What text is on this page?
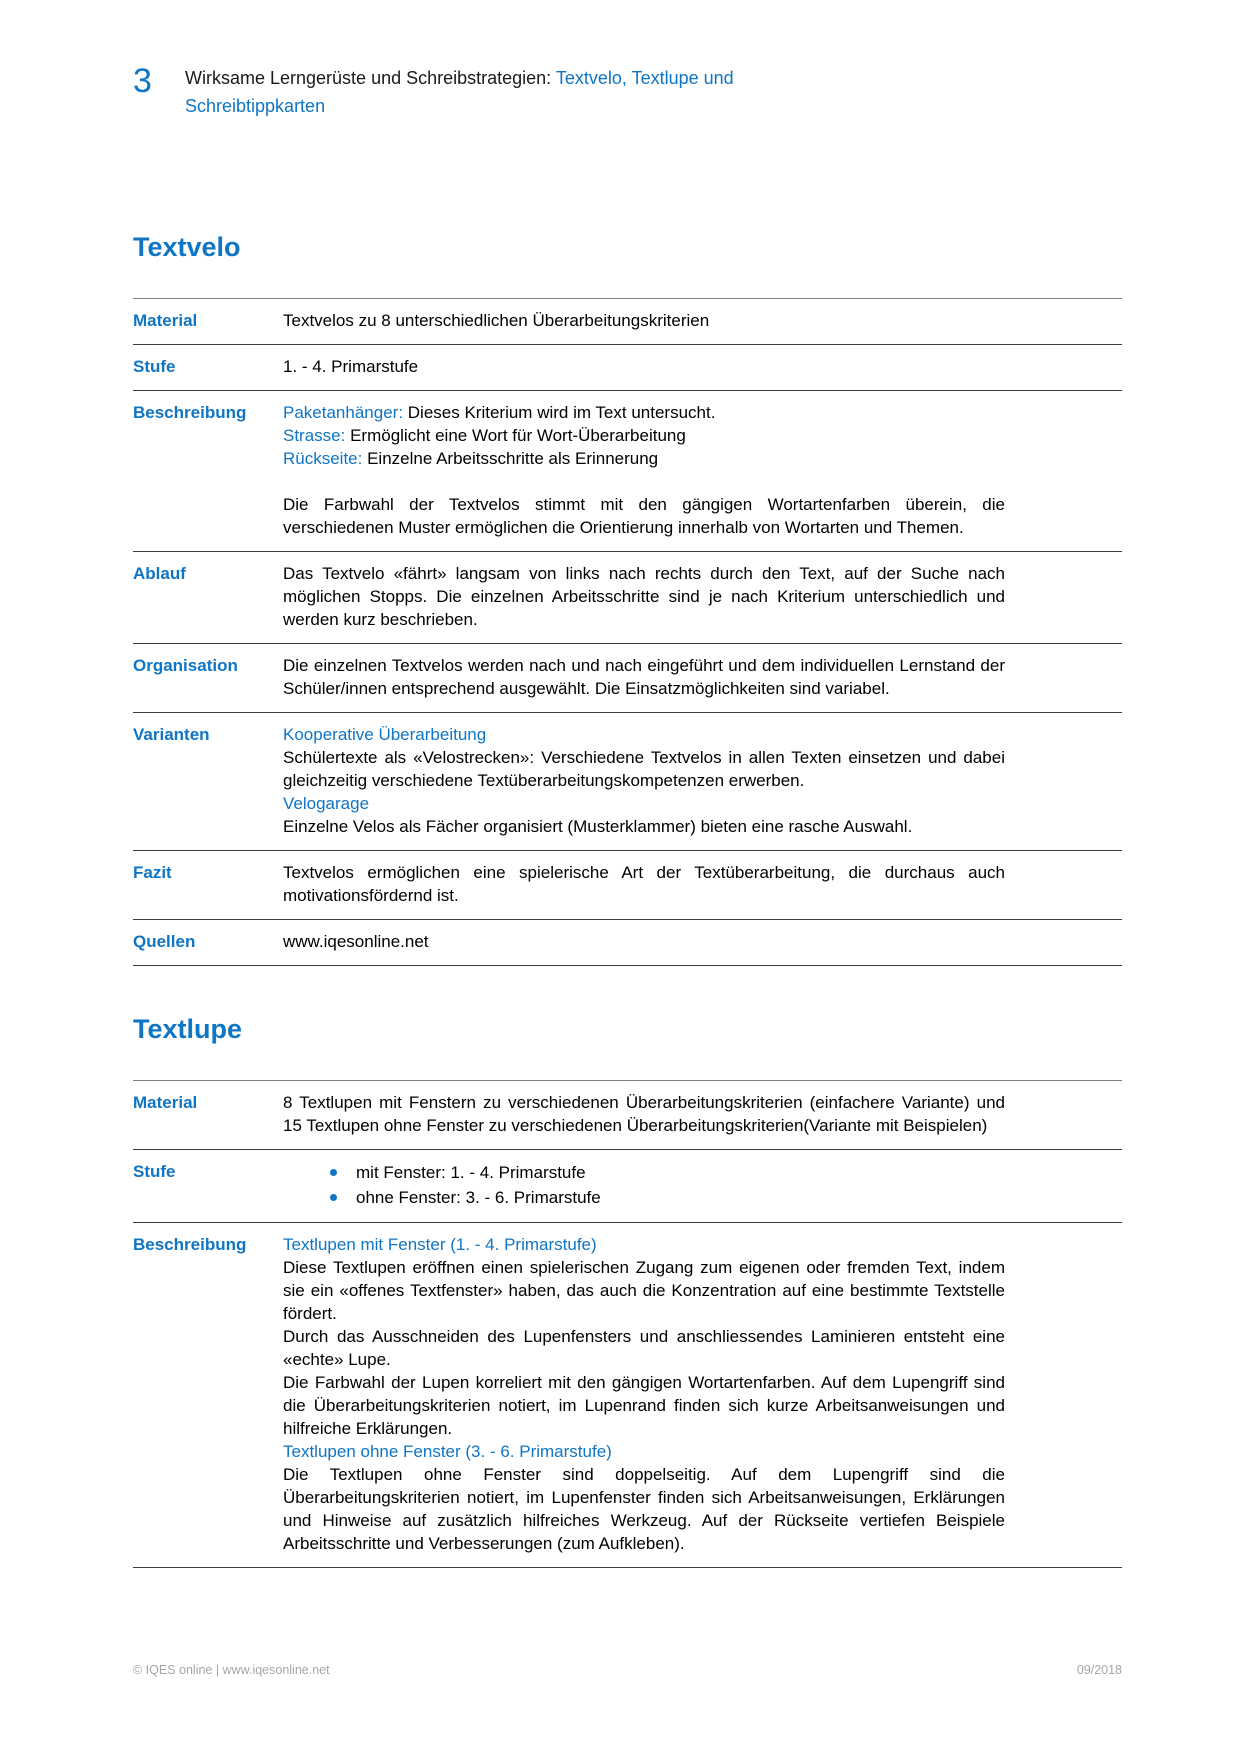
3	Wirksame Lerngerüste und Schreibstrategien: Textvelo, Textlupe und Schreibtippkarten
Textvelo
Material	Textvelos zu 8 unterschiedlichen Überarbeitungskriterien

Stufe	1. - 4. Primarstufe

Beschreibung	Paketanhänger: Dieses Kriterium wird im Text untersucht.

Strasse: Ermöglicht eine Wort für Wort-Überarbeitung

Rückseite: Einzelne Arbeitsschritte als Erinnerung

Die Farbwahl der Textvelos stimmt mit den gängigen Wortartenfarben überein, die verschiedenen Muster ermöglichen die Orientierung innerhalb von Wortarten und Themen.

Ablauf	Das Textvelo «fährt» langsam von links nach rechts durch den Text, auf der Suche nach möglichen Stopps. Die einzelnen Arbeitsschritte sind je nach Kriterium unterschiedlich und werden kurz beschrieben.

Organisation	Die einzelnen Textvelos werden nach und nach eingeführt und dem individuellen Lernstand der Schüler/innen entsprechend ausgewählt. Die Einsatzmöglichkeiten sind variabel.

Varianten	Kooperative Überarbeitung

Schülertexte als «Velostrecken»: Verschiedene Textvelos in allen Texten einsetzen und dabei gleichzeitig verschiedene Textüberarbeitungskompetenzen erwerben.

Velogarage

Einzelne Velos als Fächer organisiert (Musterklammer) bieten eine rasche Auswahl.

Fazit	Textvelos ermöglichen eine spielerische Art der Textüberarbeitung, die durchaus auch motivationsfördernd ist.

Quellen	www.iqesonline.net

Textlupe
Material	8 Textlupen mit Fenstern zu verschiedenen Überarbeitungskriterien (einfachere Variante) und 15 Textlupen ohne Fenster zu verschiedenen Überarbeitungskriterien(Variante mit Beispielen)

Stufe	mit Fenster: 1. - 4. Primarstufe
ohne Fenster: 3. - 6. Primarstufe
Beschreibung	Textlupen mit Fenster (1. - 4. Primarstufe)

Diese Textlupen eröffnen einen spielerischen Zugang zum eigenen oder fremden Text, indem sie ein «offenes Textfenster» haben, das auch die Konzentration auf eine bestimmte Textstelle fördert.

Durch das Ausschneiden des Lupenfensters und anschliessendes Laminieren entsteht eine «echte» Lupe.

Die Farbwahl der Lupen korreliert mit den gängigen Wortartenfarben. Auf dem Lupengriff sind die Überarbeitungskriterien notiert, im Lupenrand finden sich kurze Arbeitsanweisungen und hilfreiche Erklärungen.

Textlupen ohne Fenster (3. - 6. Primarstufe)

Die Textlupen ohne Fenster sind doppelseitig. Auf dem Lupengriff sind die Überarbeitungskriterien notiert, im Lupenfenster finden sich Arbeitsanweisungen, Erklärungen und Hinweise auf zusätzlich hilfreiches Werkzeug. Auf der Rückseite vertiefen Beispiele Arbeitsschritte und Verbesserungen (zum Aufkleben).

© IQES online | www.iqesonline.net	09/2018
